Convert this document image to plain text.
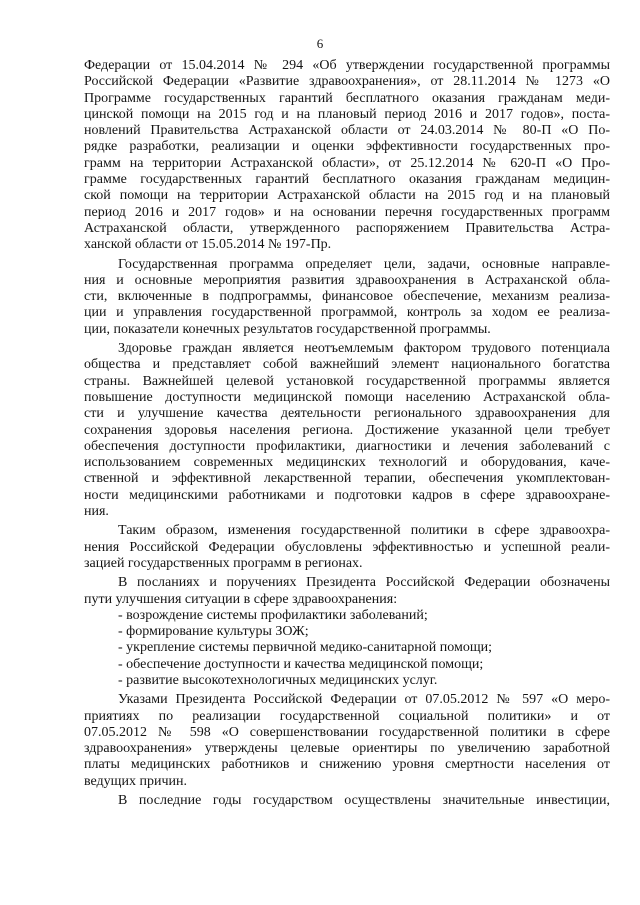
6
Федерации от 15.04.2014 № 294 «Об утверждении государственной программы
Российской Федерации «Развитие здравоохранения», от 28.11.2014 № 1273 «О
Программе государственных гарантий бесплатного оказания гражданам меди-
цинской помощи на 2015 год и на плановый период 2016 и 2017 годов», поста-
новлений Правительства Астраханской области от 24.03.2014 № 80-П «О По-
рядке разработки, реализации и оценки эффективности государственных про-
грамм на территории Астраханской области», от 25.12.2014 № 620-П «О Про-
грамме государственных гарантий бесплатного оказания гражданам медицин-
ской помощи на территории Астраханской области на 2015 год и на плановый
период 2016 и 2017 годов» и на основании перечня государственных программ
Астраханской области, утвержденного распоряжением Правительства Астра-
ханской области от 15.05.2014 № 197-Пр.
Государственная программа определяет цели, задачи, основные направле-
ния и основные мероприятия развития здравоохранения в Астраханской обла-
сти, включенные в подпрограммы, финансовое обеспечение, механизм реализа-
ции и управления государственной программой, контроль за ходом ее реализа-
ции, показатели конечных результатов государственной программы.
Здоровье граждан является неотъемлемым фактором трудового потенциала
общества и представляет собой важнейший элемент национального богатства
страны. Важнейшей целевой установкой государственной программы является
повышение доступности медицинской помощи населению Астраханской обла-
сти и улучшение качества деятельности регионального здравоохранения для
сохранения здоровья населения региона. Достижение указанной цели требует
обеспечения доступности профилактики, диагностики и лечения заболеваний с
использованием современных медицинских технологий и оборудования, каче-
ственной и эффективной лекарственной терапии, обеспечения укомплектован-
ности медицинскими работниками и подготовки кадров в сфере здравоохране-
ния.
Таким образом, изменения государственной политики в сфере здравоохра-
нения Российской Федерации обусловлены эффективностью и успешной реали-
зацией государственных программ в регионах.
В посланиях и поручениях Президента Российской Федерации обозначены
пути улучшения ситуации в сфере здравоохранения:
- возрождение системы профилактики заболеваний;
- формирование культуры ЗОЖ;
- укрепление системы первичной медико-санитарной помощи;
- обеспечение доступности и качества медицинской помощи;
- развитие высокотехнологичных медицинских услуг.
Указами Президента Российской Федерации от 07.05.2012 № 597 «О меро-
приятиях по реализации государственной социальной политики» и от
07.05.2012 № 598 «О совершенствовании государственной политики в сфере
здравоохранения» утверждены целевые ориентиры по увеличению заработной
платы медицинских работников и снижению уровня смертности населения от
ведущих причин.
В последние годы государством осуществлены значительные инвестиции,
